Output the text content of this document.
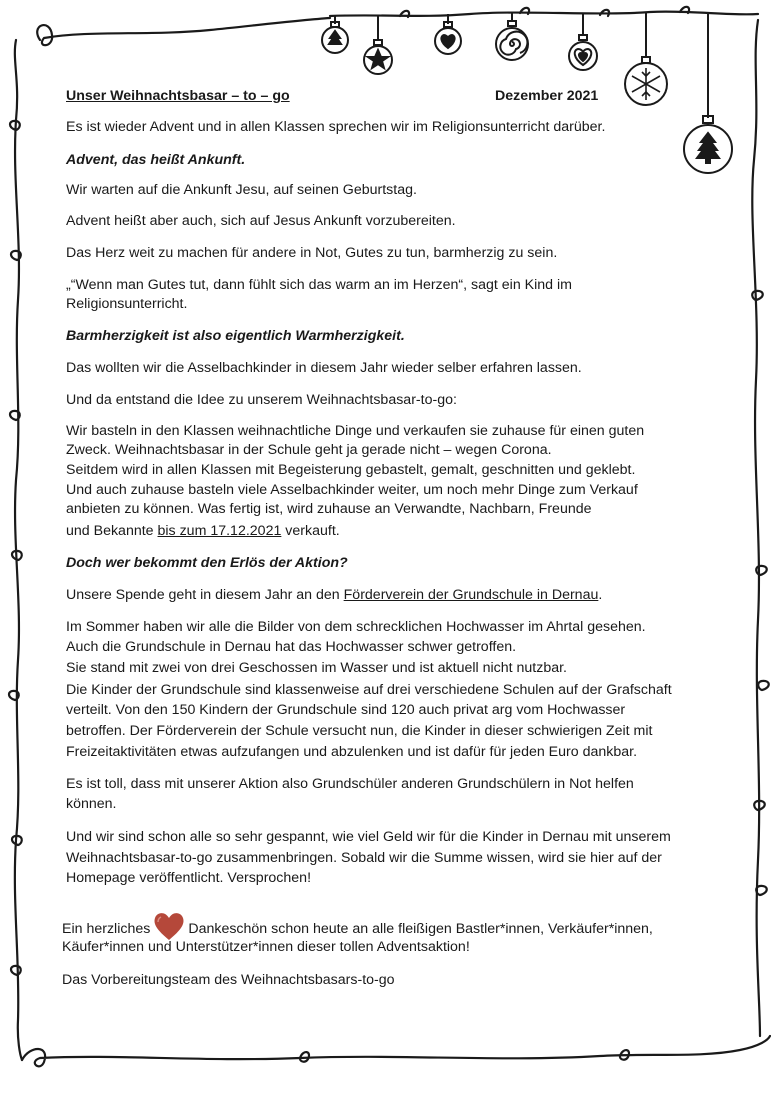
Unser Weihnachtsbasar – to – go	Dezember 2021

Es ist wieder Advent und in allen Klassen sprechen wir im Religionsunterricht darüber.

Advent, das heißt Ankunft.

Wir warten auf die Ankunft Jesu, auf seinen Geburtstag.

Advent heißt aber auch, sich auf Jesus Ankunft vorzubereiten.

Das Herz weit zu machen für andere in Not, Gutes zu tun, barmherzig zu sein.

„“Wenn man Gutes tut, dann fühlt sich das warm an im Herzen“, sagt ein Kind im

Religionsunterricht.

Barmherzigkeit ist also eigentlich Warmherzigkeit.

Das wollten wir die Asselbachkinder in diesem Jahr wieder selber erfahren lassen.

Und da entstand die Idee zu unserem Weihnachtsbasar-to-go:

Wir basteln in den Klassen weihnachtliche Dinge und verkaufen sie zuhause für einen guten

Zweck. Weihnachtsbasar in der Schule geht ja gerade nicht – wegen Corona.

Seitdem wird in allen Klassen mit Begeisterung gebastelt, gemalt, geschnitten und geklebt.

Und auch zuhause basteln viele Asselbachkinder weiter, um noch mehr Dinge zum Verkauf

anbieten zu können. Was fertig ist, wird zuhause an Verwandte, Nachbarn, Freunde

und Bekannte bis zum 17.12.2021 verkauft.

Doch wer bekommt den Erlös der Aktion?

Unsere Spende geht in diesem Jahr an den Förderverein der Grundschule in Dernau.

Im Sommer haben wir alle die Bilder von dem schrecklichen Hochwasser im Ahrtal gesehen.

Auch die Grundschule in Dernau hat das Hochwasser schwer getroffen.

Sie stand mit zwei von drei Geschossen im Wasser und ist aktuell nicht nutzbar.

Die Kinder der Grundschule sind klassenweise auf drei verschiedene Schulen auf der Grafschaft

verteilt. Von den 150 Kindern der Grundschule sind 120 auch privat arg vom Hochwasser

betroffen. Der Förderverein der Schule versucht nun, die Kinder in dieser schwierigen Zeit mit

Freizeitaktivitäten etwas aufzufangen und abzulenken und ist dafür für jeden Euro dankbar.

Es ist toll, dass mit unserer Aktion also Grundschüler anderen Grundschülern in Not helfen

können.

Und wir sind schon alle so sehr gespannt, wie viel Geld wir für die Kinder in Dernau mit unserem

Weihnachtsbasar-to-go zusammenbringen. Sobald wir die Summe wissen, wird sie hier auf der

Homepage veröffentlicht. Versprochen!

Ein herzliches	Dankeschön schon heute an alle fleißigen Bastler*innen, Verkäufer*innen,

Käufer*innen und Unterstützer*innen dieser tollen Adventsaktion!

Das Vorbereitungsteam des Weihnachtsbasars-to-go
